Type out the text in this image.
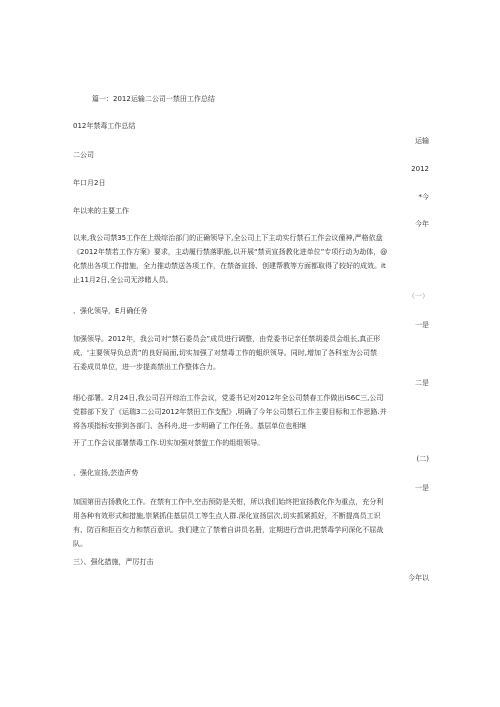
篇一：2012运输二公司一禁田工作总结
012年禁毒工作总结
运输
二公司
2012
年口月2日
*今
年以来的主要工作
今年
以来,我公司禁35工作在上级综治部门的正确领导下,全公司上下主动实行禁石工作会议僮神,严格依盘
《2012年禁若工作方案》要求，主动履行禁落职能,以开展“禁贡宣扬教化进单位”专项行动为劫体，@
化禁出各项工作措施，全力推动禁送各项工作，在禁备宣扬、创建帮教等方面都取得了较好的成效。it
止11月2日,全公司无涉睹人员。
（一）
、强化领导，E月确任务
一是
加强领导。2012年，我公司对“禁石委员会”成员进行调整，由党委书记亲任禁胡委员会组长,真正形
成、'主要领导负总责”的良好局面,切实加强了对禁毒工作的蛆织领导。同时,增加了各科室为公司禁
石委成员单位，进一步提高禁出工作整体合力。
二是
细心部署。2月24日,我公司召开综治工作会议，党委书记对2012年全公司禁春工作做出iS6C三,公司
党群部下发了《运瑞3二公司2012年禁田工作支配》,明确了今年公司禁石工作主要目标和工作思路.并
将各项指标安排到各部门、各科舟,进一步明确了工作任务。基层单位也相继
开了工作会议部署禁毒工作.切实加强对禁萤工作的组组领导。
(二)
、强化宣扬,芸造声势
一是
加国第田吉扬教化工作。在禁有工作中,空击预防是关钳，所以我们始终把宣扬教化作为重点，充分利
用各种有效形式和措施,崇紧抓住基层员工等生点人群.深化宣扬层次,切实抓紧抓好，不断提高员工识
有、防百和拒百交力和禁百意识。我们建立了禁着自讲员名册，定期进行音讲,把禁毒学问深化不屈战
队。
三）、强化措施，严厉打击
今年以
